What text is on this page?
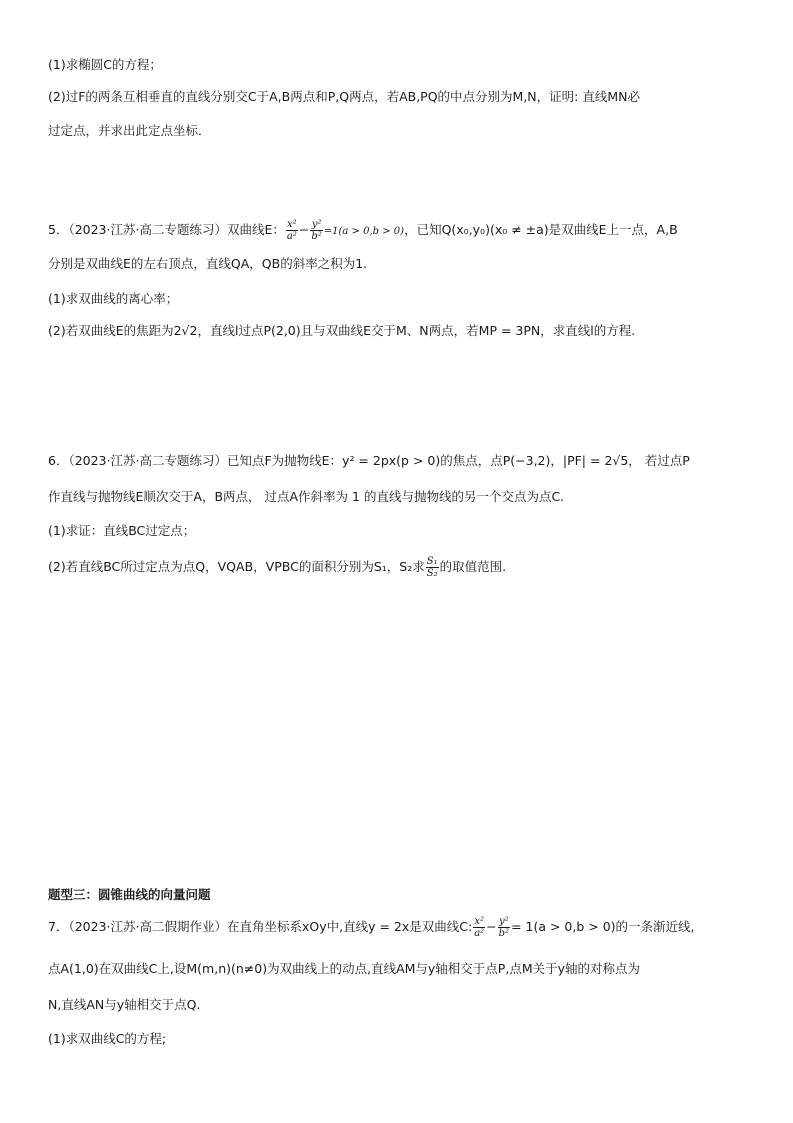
(1)求椭圆C的方程；
(2)过F的两条互相垂直的直线分别交C于A,B两点和P,Q两点，若AB,PQ的中点分别为M,N，证明: 直线MN必
过定点，并求出此定点坐标．
5．（2023·江苏·高二专题练习）双曲线E： $\frac{\text{x²}}{\text{a²}} - \frac{\text{y²}}{\text{b²}} =1(a > 0,b > 0)$，已知Q(x₀,y₀)(x₀ ≠ ±a)是双曲线E上一点，A,B
分别是双曲线E的左右顶点，直线QA，QB的斜率之积为1.
(1)求双曲线的离心率；
(2)若双曲线E的焦距为2√2，直线l过点P(2,0)且与双曲线E交于M、N两点，若MP = 3PN，求直线l的方程.
6．（2023·江苏·高二专题练习）已知点F为抛物线E：y² = 2px(p > 0)的焦点，点P(−3,2)，|PF| = 2√5， 若过点P
作直线与抛物线E顺次交于A，B两点， 过点A作斜率为 1 的直线与抛物线的另一个交点为点C.
(1)求证：直线BC过定点；
(2)若直线BC所过定点为点Q，VQAB，VPBC的面积分别为S₁，S₂求 $\frac{\text{S₁}}{\text{S₂}}$ 的取值范围.
题型三：圆锥曲线的向量问题
7．（2023·江苏·高二假期作业）在直角坐标系xOy中,直线y = 2x是双曲线C: $\frac{\text{x²}}{\text{a²}} - \frac{\text{y²}}{\text{b²}} = 1(a > 0,b > 0)$的一条渐近线,
点A(1,0)在双曲线C上,设M(m,n)(n≠0)为双曲线上的动点,直线AM与y轴相交于点P,点M关于y轴的对称点为
N,直线AN与y轴相交于点Q.
(1)求双曲线C的方程;
